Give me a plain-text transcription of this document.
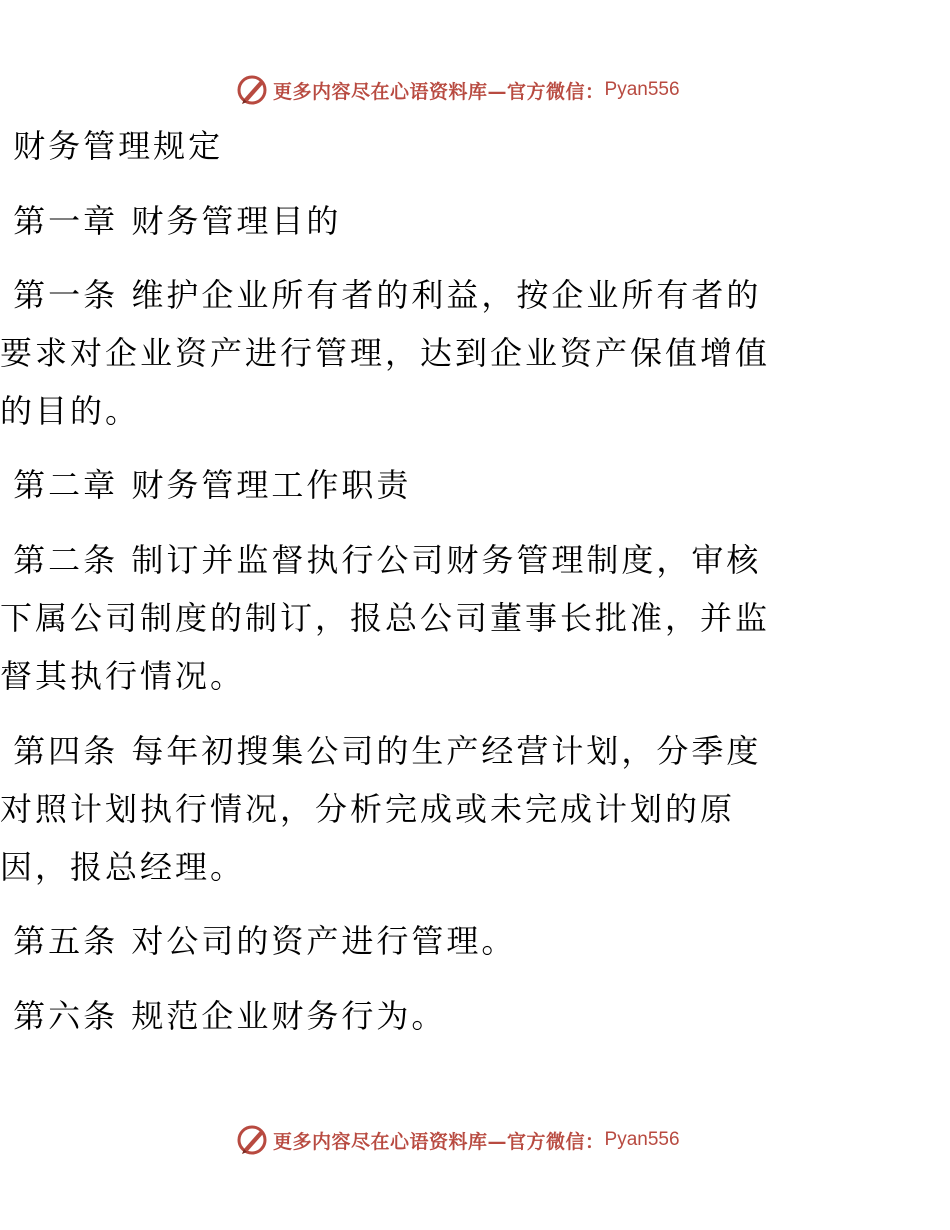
更多内容尽在心语资料库—官方微信： Pyan556
财务管理规定
第一章 财务管理目的
第一条 维护企业所有者的利益，按企业所有者的
要求对企业资产进行管理，达到企业资产保值增值
的目的。
第二章 财务管理工作职责
第二条 制订并监督执行公司财务管理制度，审核
下属公司制度的制订，报总公司董事长批准，并监
督其执行情况。
第四条 每年初搜集公司的生产经营计划，分季度
对照计划执行情况，分析完成或未完成计划的原
因，报总经理。
第五条 对公司的资产进行管理。
第六条 规范企业财务行为。
更多内容尽在心语资料库—官方微信： Pyan556
